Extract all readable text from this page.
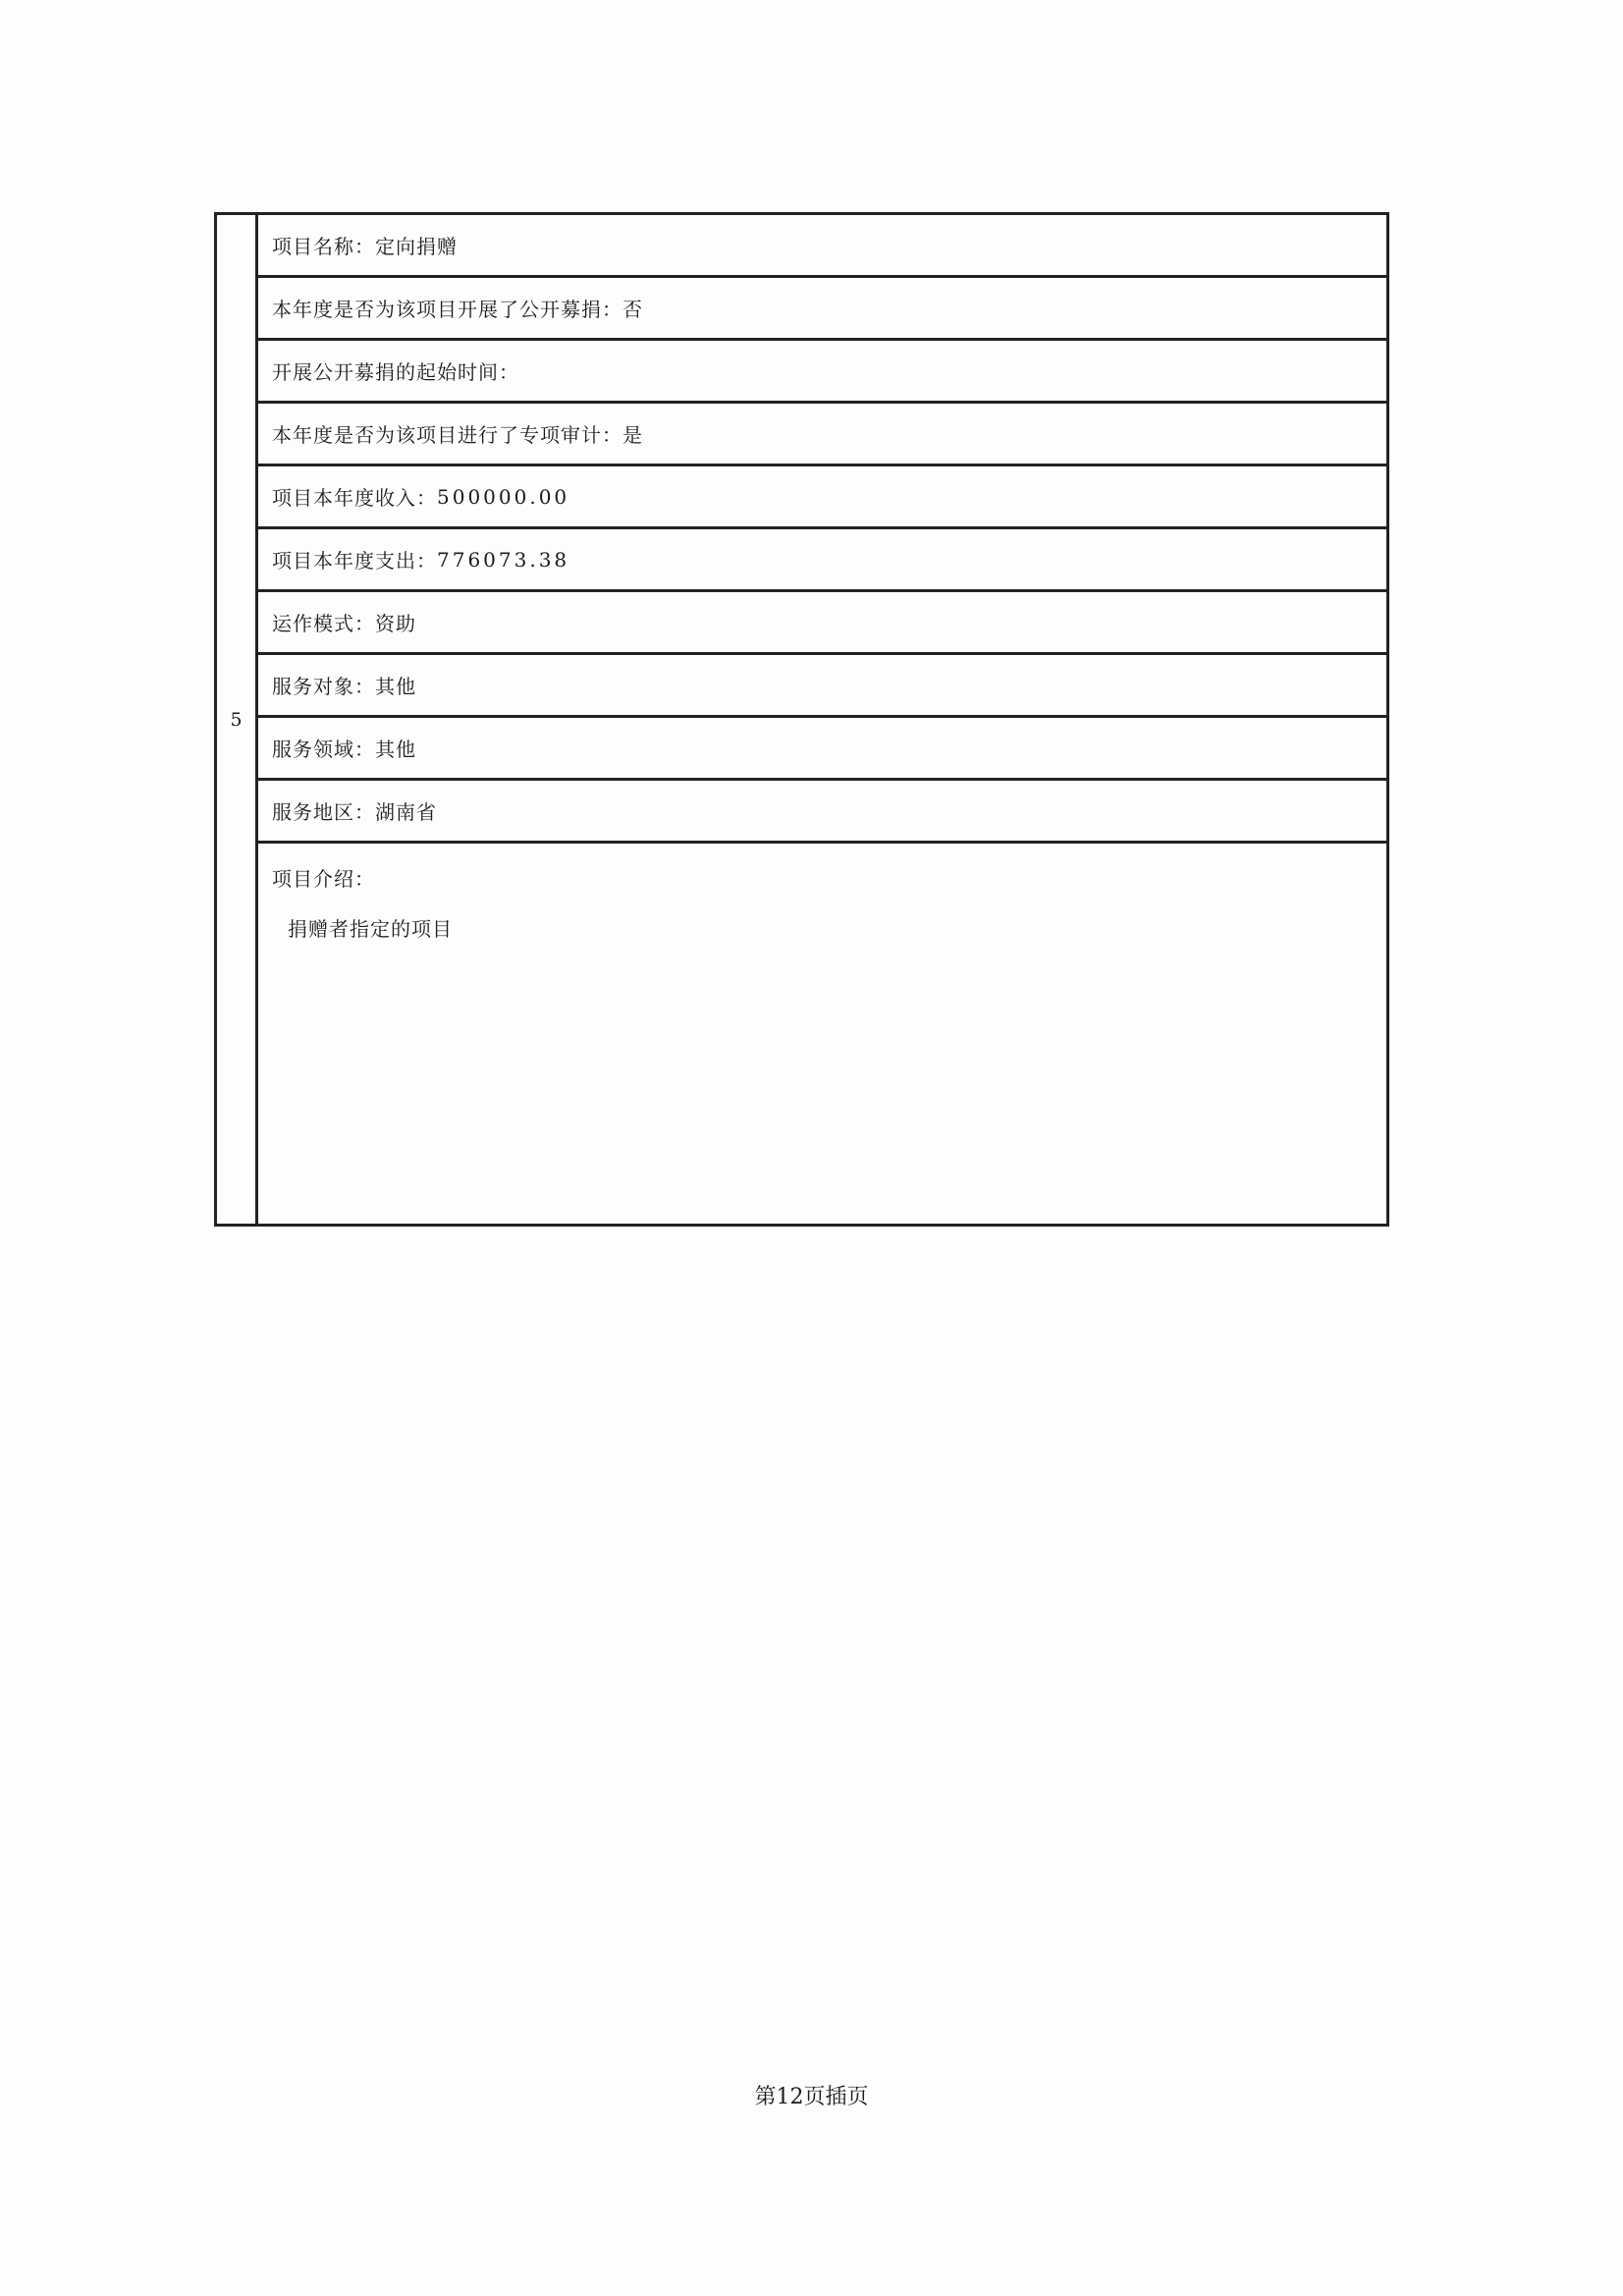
5
项目名称： 定向捐赠
本年度是否为该项目开展了公开募捐： 否
开展公开募捐的起始时间：
本年度是否为该项目进行了专项审计： 是
项目本年度收入： 500000.00
项目本年度支出： 776073.38
运作模式： 资助
服务对象： 其他
服务领域： 其他
服务地区： 湖南省
项目介绍：
捐赠者指定的项目
第12页插页
